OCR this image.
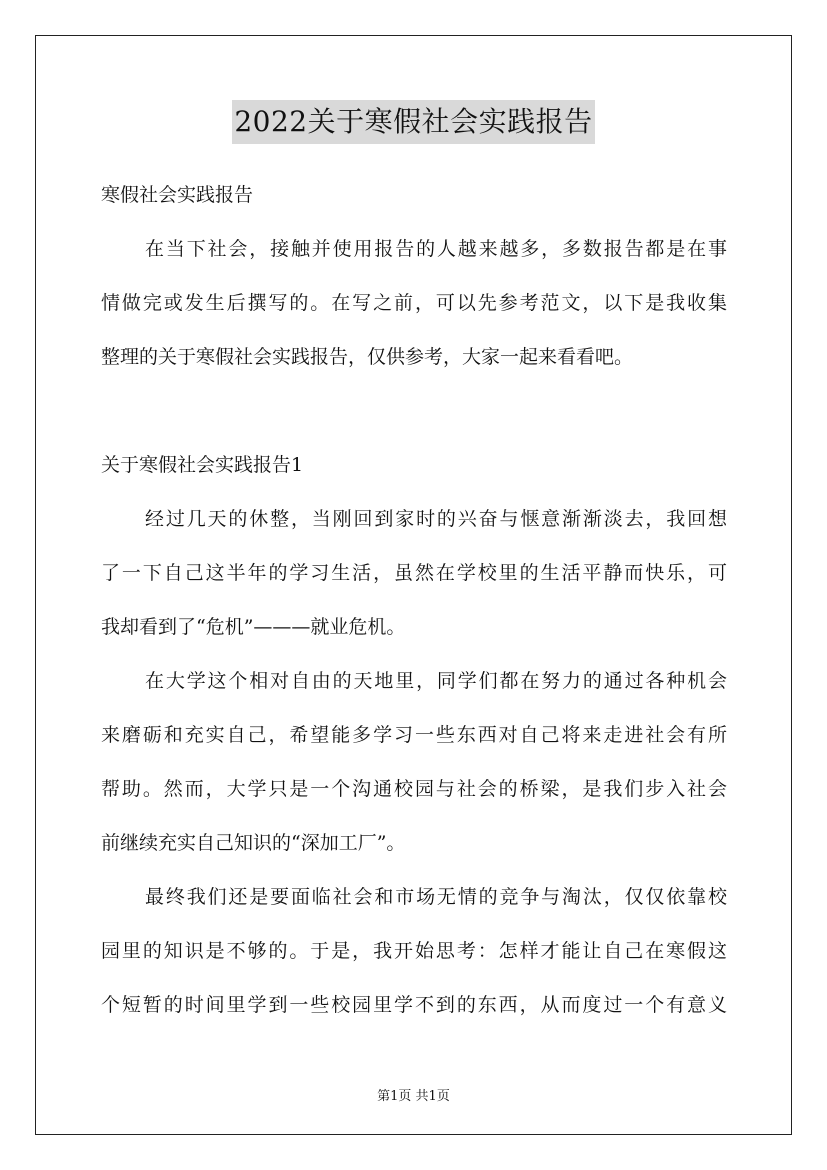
2022关于寒假社会实践报告
寒假社会实践报告
在当下社会，接触并使用报告的人越来越多，多数报告都是在事
情做完或发生后撰写的。在写之前，可以先参考范文，以下是我收集
整理的关于寒假社会实践报告，仅供参考，大家一起来看看吧。
关于寒假社会实践报告1
经过几天的休整，当刚回到家时的兴奋与惬意渐渐淡去，我回想
了一下自己这半年的学习生活，虽然在学校里的生活平静而快乐，可
我却看到了“危机”———就业危机。
在大学这个相对自由的天地里，同学们都在努力的通过各种机会
来磨砺和充实自己，希望能多学习一些东西对自己将来走进社会有所
帮助。然而，大学只是一个沟通校园与社会的桥梁，是我们步入社会
前继续充实自己知识的“深加工厂”。
最终我们还是要面临社会和市场无情的竞争与淘汰，仅仅依靠校
园里的知识是不够的。于是，我开始思考：怎样才能让自己在寒假这
个短暂的时间里学到一些校园里学不到的东西，从而度过一个有意义
第1页 共1页
